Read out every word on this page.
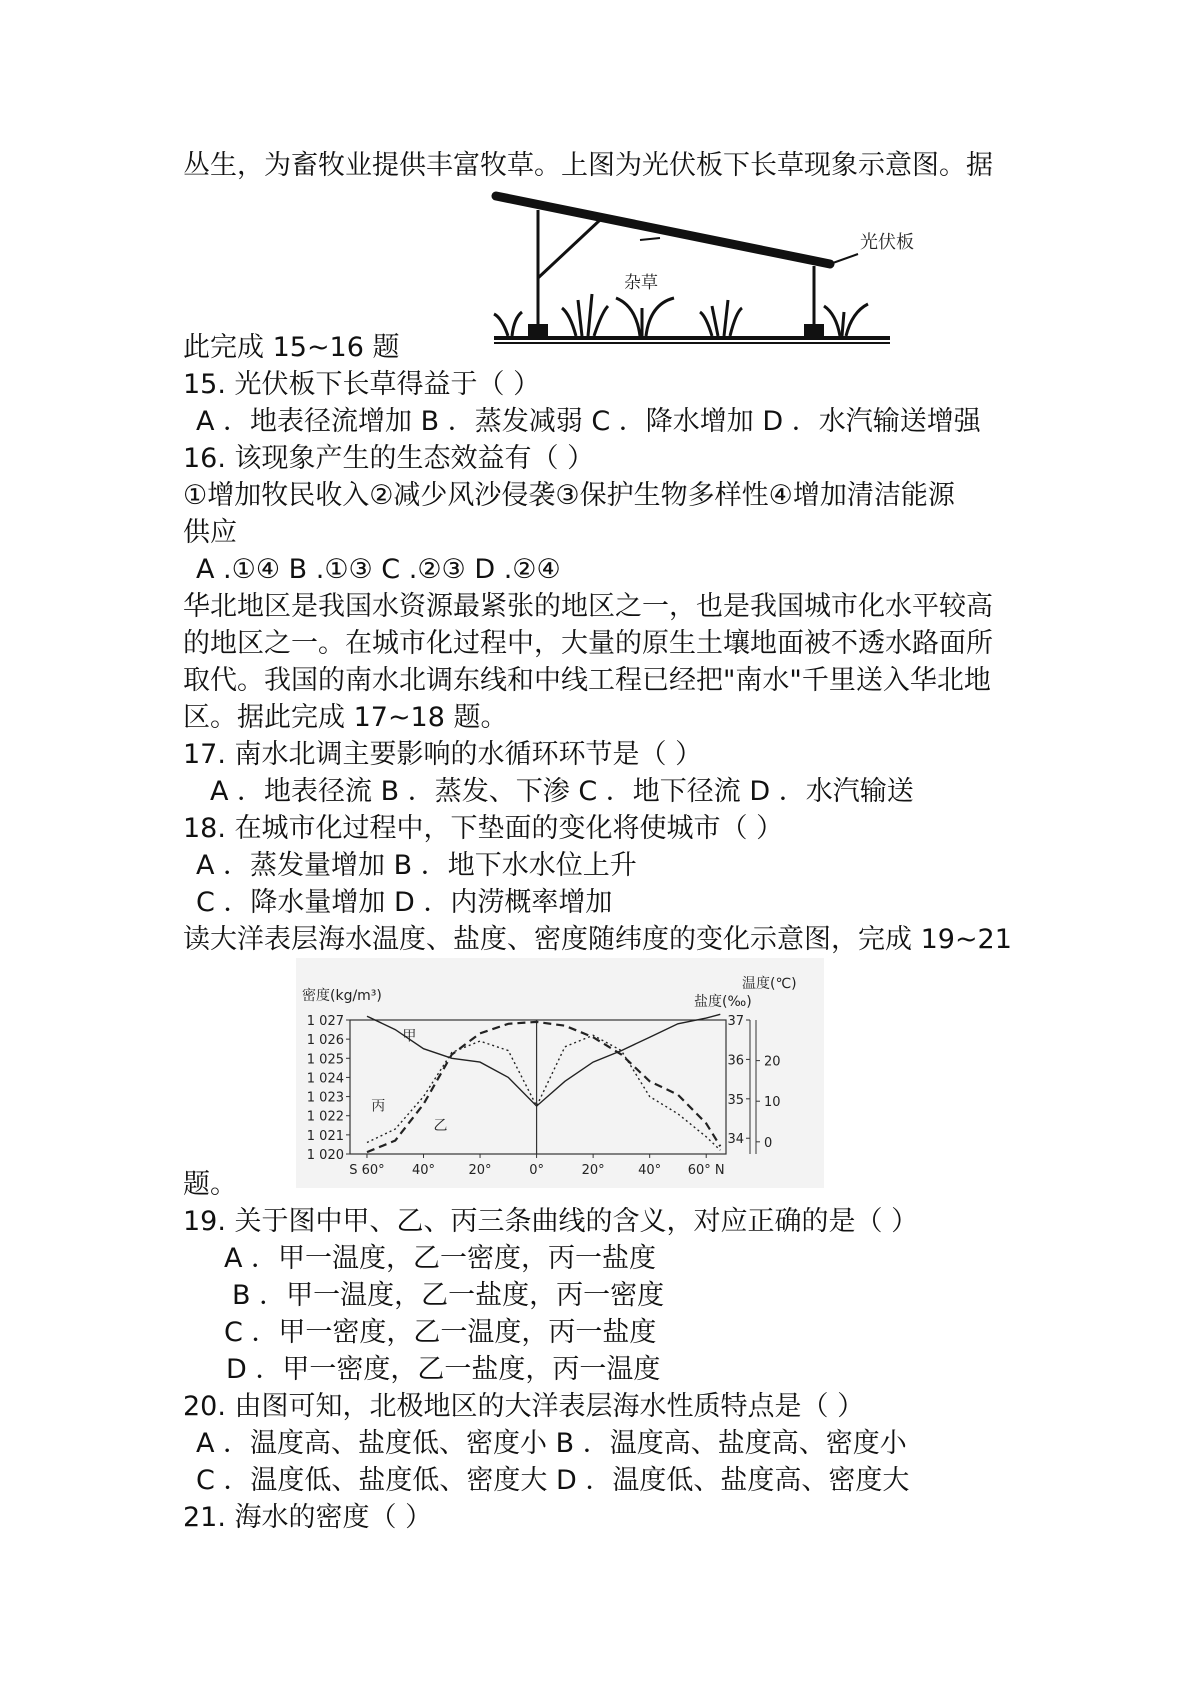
丛生，为畜牧业提供丰富牧草。上图为光伏板下长草现象示意图。据

光伏板
杂草

此完成 15~16 题

15. 光伏板下长草得益于（ ）

A ．地表径流增加 B ．蒸发减弱 C ．降水增加 D ．水汽输送增强

16. 该现象产生的生态效益有（ ）

①增加牧民收入②减少风沙侵袭③保护生物多样性④增加清洁能源

供应

A .①④ B .①③ C .②③ D .②④

华北地区是我国水资源最紧张的地区之一，也是我国城市化水平较高

的地区之一。在城市化过程中，大量的原生土壤地面被不透水路面所

取代。我国的南水北调东线和中线工程已经把"南水"千里送入华北地

区。据此完成 17~18 题。

17. 南水北调主要影响的水循环环节是（ ）

A ．地表径流 B ．蒸发、下渗 C ．地下径流 D ．水汽输送

18. 在城市化过程中，下垫面的变化将使城市（ ）

A ．蒸发量增加 B ．地下水水位上升

C ．降水量增加 D ．内涝概率增加

读大洋表层海水温度、盐度、密度随纬度的变化示意图，完成 19~21

密度(kg/m³)
温度(℃)
盐度(‰)
1 027
1 026
1 025
1 024
1 023
1 022
1 021
1 020
37
36
35
34
20
10
0
S 60° 40°	20°	0°	20°	40° 60° N
甲
乙
丙

题。

19. 关于图中甲、乙、丙三条曲线的含义，对应正确的是（ ）

A ．甲一温度，乙一密度，丙一盐度

B ．甲一温度，乙一盐度，丙一密度

C ．甲一密度，乙一温度，丙一盐度

D ．甲一密度，乙一盐度，丙一温度

20. 由图可知，北极地区的大洋表层海水性质特点是（ ）

A ．温度高、盐度低、密度小 B ．温度高、盐度高、密度小

C ．温度低、盐度低、密度大 D ．温度低、盐度高、密度大

21. 海水的密度（ ）
